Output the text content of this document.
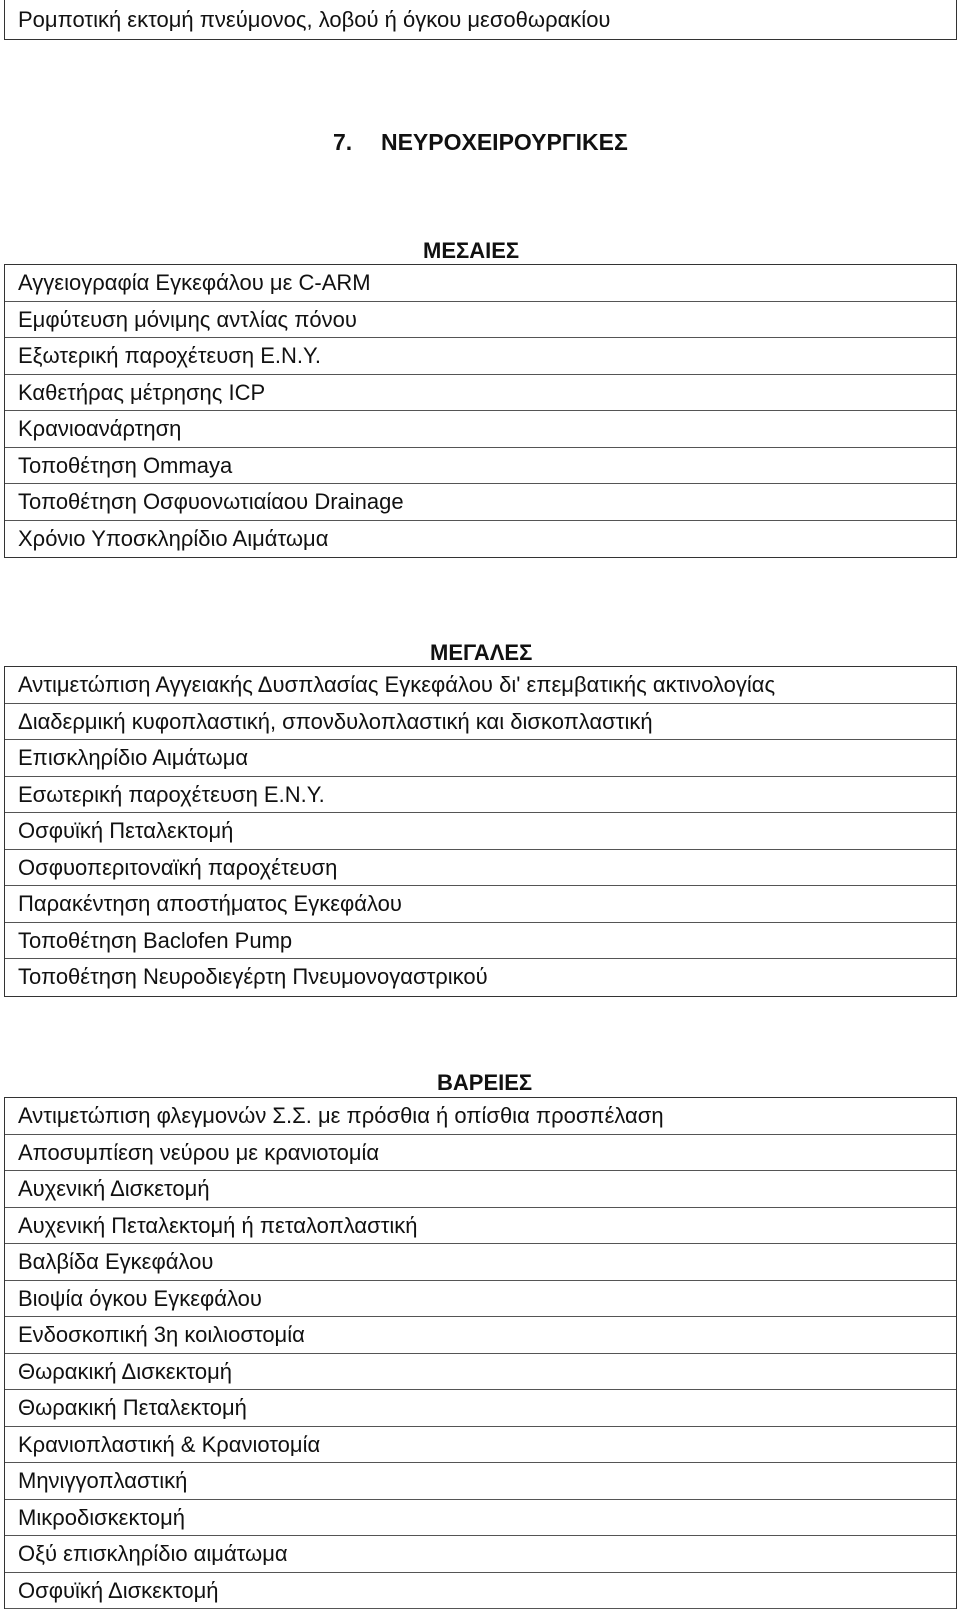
Ρομποτική εκτομή πνεύμονος, λοβού ή όγκου μεσοθωρακίου
7. ΝΕΥΡΟΧΕΙΡΟΥΡΓΙΚΕΣ
ΜΕΣΑΙΕΣ
Αγγειογραφία Εγκεφάλου με C-ARM
Εμφύτευση μόνιμης αντλίας πόνου
Εξωτερική παροχέτευση Ε.Ν.Υ.
Καθετήρας μέτρησης ICP
Κρανιοανάρτηση
Τοποθέτηση Ommaya
Τοποθέτηση Οσφυονωτιαίαου Drainage
Χρόνιο Υποσκληρίδιο Αιμάτωμα
ΜΕΓΑΛΕΣ
Αντιμετώπιση Αγγειακής Δυσπλασίας Εγκεφάλου δι' επεμβατικής ακτινολογίας
Διαδερμική κυφοπλαστική, σπονδυλοπλαστική και δισκοπλαστική
Επισκληρίδιο Αιμάτωμα
Εσωτερική παροχέτευση Ε.Ν.Υ.
Οσφυϊκή Πεταλεκτομή
Οσφυοπεριτοναϊκή παροχέτευση
Παρακέντηση αποστήματος Εγκεφάλου
Τοποθέτηση Baclofen Pump
Τοποθέτηση Νευροδιεγέρτη Πνευμονογαστρικού
ΒΑΡΕΙΕΣ
Αντιμετώπιση φλεγμονών Σ.Σ. με πρόσθια ή οπίσθια προσπέλαση
Αποσυμπίεση νεύρου με κρανιοτομία
Αυχενική Δισκετομή
Αυχενική Πεταλεκτομή ή πεταλοπλαστική
Βαλβίδα Εγκεφάλου
Βιοψία όγκου Εγκεφάλου
Ενδοσκοπική 3η κοιλιοστομία
Θωρακική Δισκεκτομή
Θωρακική Πεταλεκτομή
Κρανιοπλαστική & Κρανιοτομία
Μηνιγγοπλαστική
Μικροδισκεκτομή
Οξύ επισκληρίδιο αιμάτωμα
Οσφυϊκή Δισκεκτομή
